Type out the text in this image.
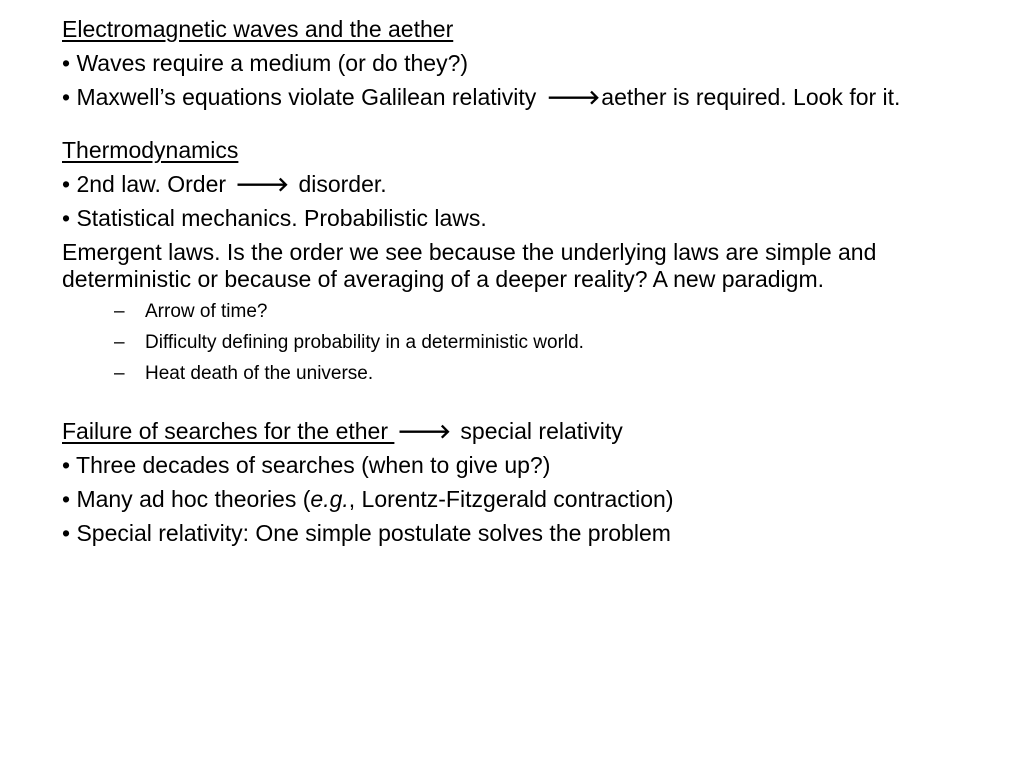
Electromagnetic waves and the aether

• Waves require a medium (or do they?)

• Maxwell’s equations violate Galilean relativity 🡒aether is required. Look for it.

Thermodynamics

• 2nd law. Order 🡒 disorder.

• Statistical mechanics. Probabilistic laws.

Emergent laws. Is the order we see because the underlying laws are simple and deterministic or because of averaging of a deeper reality? A new paradigm.

– Arrow of time?

– Difficulty defining probability in a deterministic world.

– Heat death of the universe.

Failure of searches for the ether 🡒 special relativity

• Three decades of searches (when to give up?)

• Many ad hoc theories (e.g., Lorentz-Fitzgerald contraction)

• Special relativity: One simple postulate solves the problem
